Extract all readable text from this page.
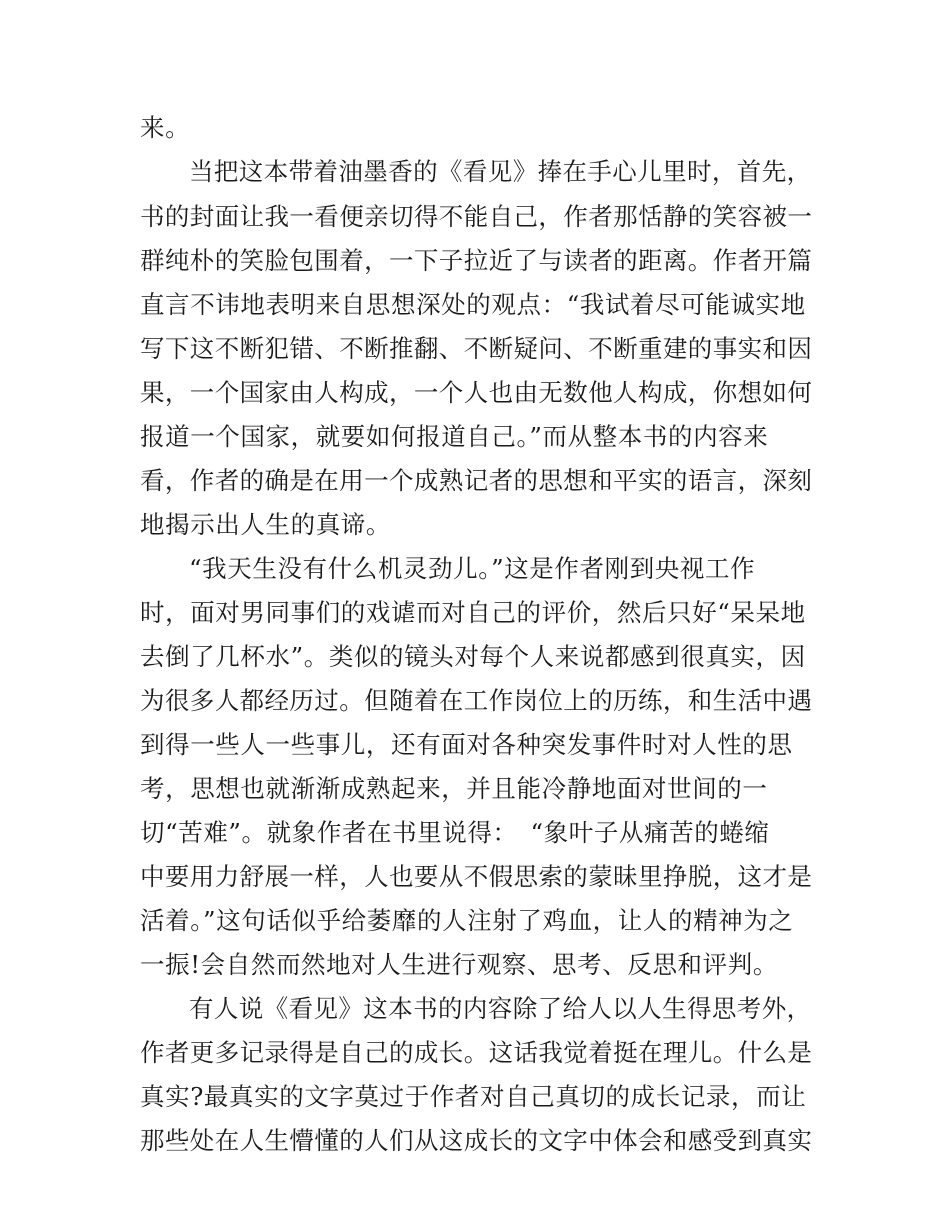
来。
当把这本带着油墨香的《看见》捧在手心儿里时，首先，
书的封面让我一看便亲切得不能自己，作者那恬静的笑容被一
群纯朴的笑脸包围着，一下子拉近了与读者的距离。作者开篇
直言不讳地表明来自思想深处的观点：“我试着尽可能诚实地
写下这不断犯错、不断推翻、不断疑问、不断重建的事实和因
果，一个国家由人构成，一个人也由无数他人构成，你想如何
报道一个国家，就要如何报道自己。”而从整本书的内容来
看，作者的确是在用一个成熟记者的思想和平实的语言，深刻
地揭示出人生的真谛。
“我天生没有什么机灵劲儿。”这是作者刚到央视工作
时，面对男同事们的戏谑而对自己的评价，然后只好“呆呆地
去倒了几杯水”。类似的镜头对每个人来说都感到很真实，因
为很多人都经历过。但随着在工作岗位上的历练，和生活中遇
到得一些人一些事儿，还有面对各种突发事件时对人性的思
考，思想也就渐渐成熟起来，并且能冷静地面对世间的一
切“苦难”。就象作者在书里说得：　“象叶子从痛苦的蜷缩
中要用力舒展一样，人也要从不假思索的蒙昧里挣脱，这才是
活着。”这句话似乎给萎靡的人注射了鸡血，让人的精神为之
一振!会自然而然地对人生进行观察、思考、反思和评判。
有人说《看见》这本书的内容除了给人以人生得思考外，
作者更多记录得是自己的成长。这话我觉着挺在理儿。什么是
真实?最真实的文字莫过于作者对自己真切的成长记录，而让
那些处在人生懵懂的人们从这成长的文字中体会和感受到真实
